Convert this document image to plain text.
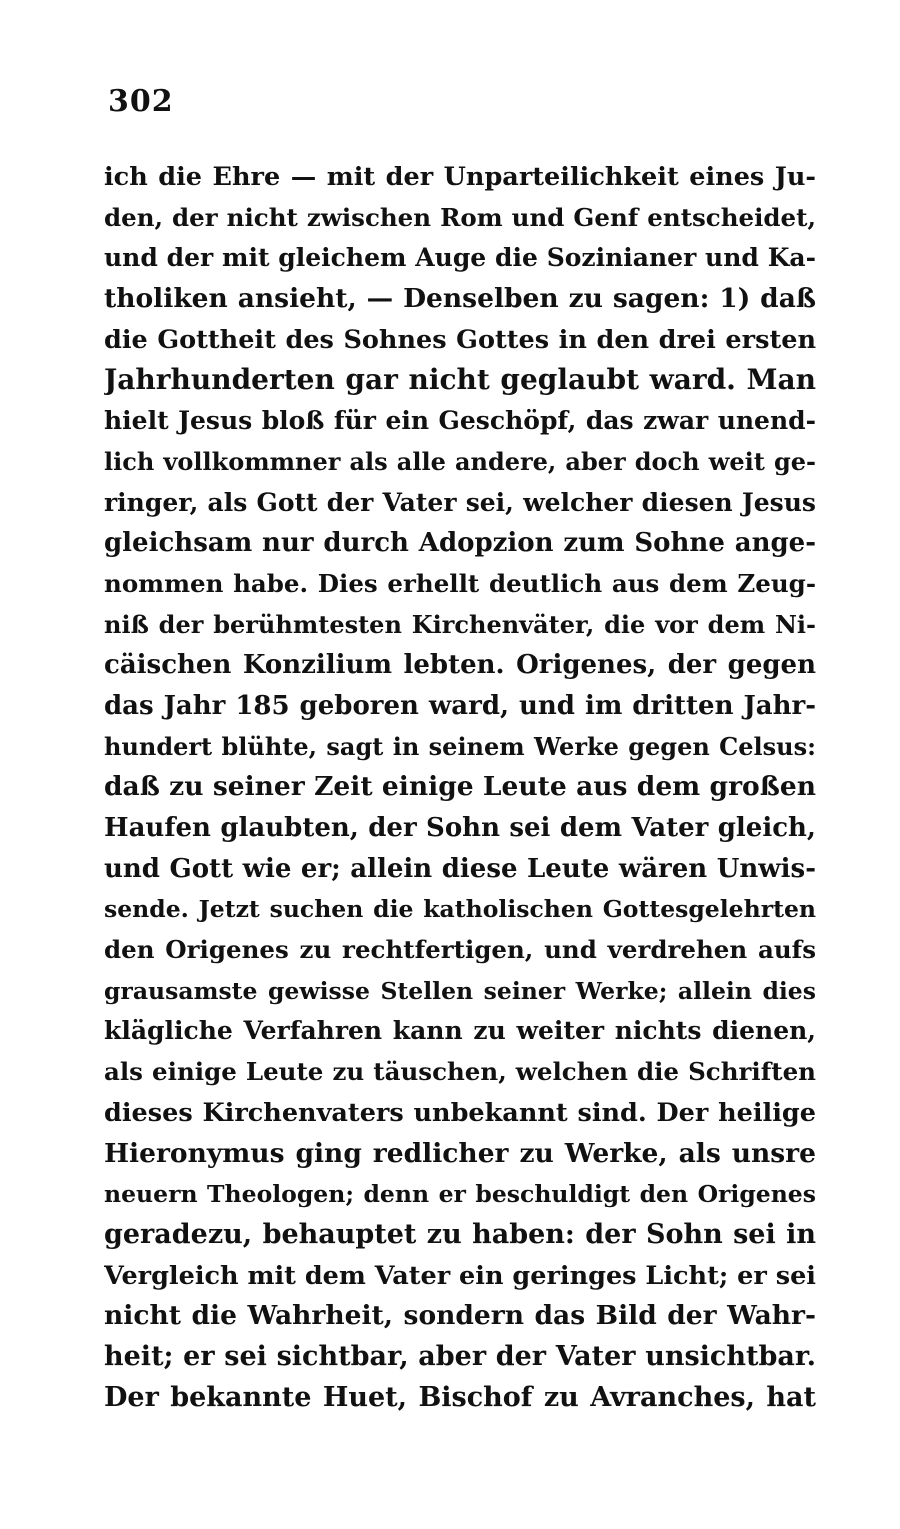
302

ich die Ehre — mit der Unparteilichkeit eines Ju-
den, der nicht zwischen Rom und Genf entscheidet,
und der mit gleichem Auge die Sozinianer und Ka-
tholiken ansieht, — Denselben zu sagen: 1) daß
die Gottheit des Sohnes Gottes in den drei ersten
Jahrhunderten gar nicht geglaubt ward. Man
hielt Jesus bloß für ein Geschöpf, das zwar unend-
lich vollkommner als alle andere, aber doch weit ge-
ringer, als Gott der Vater sei, welcher diesen Jesus
gleichsam nur durch Adopzion zum Sohne ange-
nommen habe. Dies erhellt deutlich aus dem Zeug-
niß der berühmtesten Kirchenväter, die vor dem Ni-
cäischen Konzilium lebten. Origenes, der gegen
das Jahr 185 geboren ward, und im dritten Jahr-
hundert blühte, sagt in seinem Werke gegen Celsus:
daß zu seiner Zeit einige Leute aus dem großen
Haufen glaubten, der Sohn sei dem Vater gleich,
und Gott wie er; allein diese Leute wären Unwis-
sende. Jetzt suchen die katholischen Gottesgelehrten
den Origenes zu rechtfertigen, und verdrehen aufs
grausamste gewisse Stellen seiner Werke; allein dies
klägliche Verfahren kann zu weiter nichts dienen,
als einige Leute zu täuschen, welchen die Schriften
dieses Kirchenvaters unbekannt sind. Der heilige
Hieronymus ging redlicher zu Werke, als unsre
neuern Theologen; denn er beschuldigt den Origenes
geradezu, behauptet zu haben: der Sohn sei in
Vergleich mit dem Vater ein geringes Licht; er sei
nicht die Wahrheit, sondern das Bild der Wahr-
heit; er sei sichtbar, aber der Vater unsichtbar.
Der bekannte Huet, Bischof zu Avranches, hat
